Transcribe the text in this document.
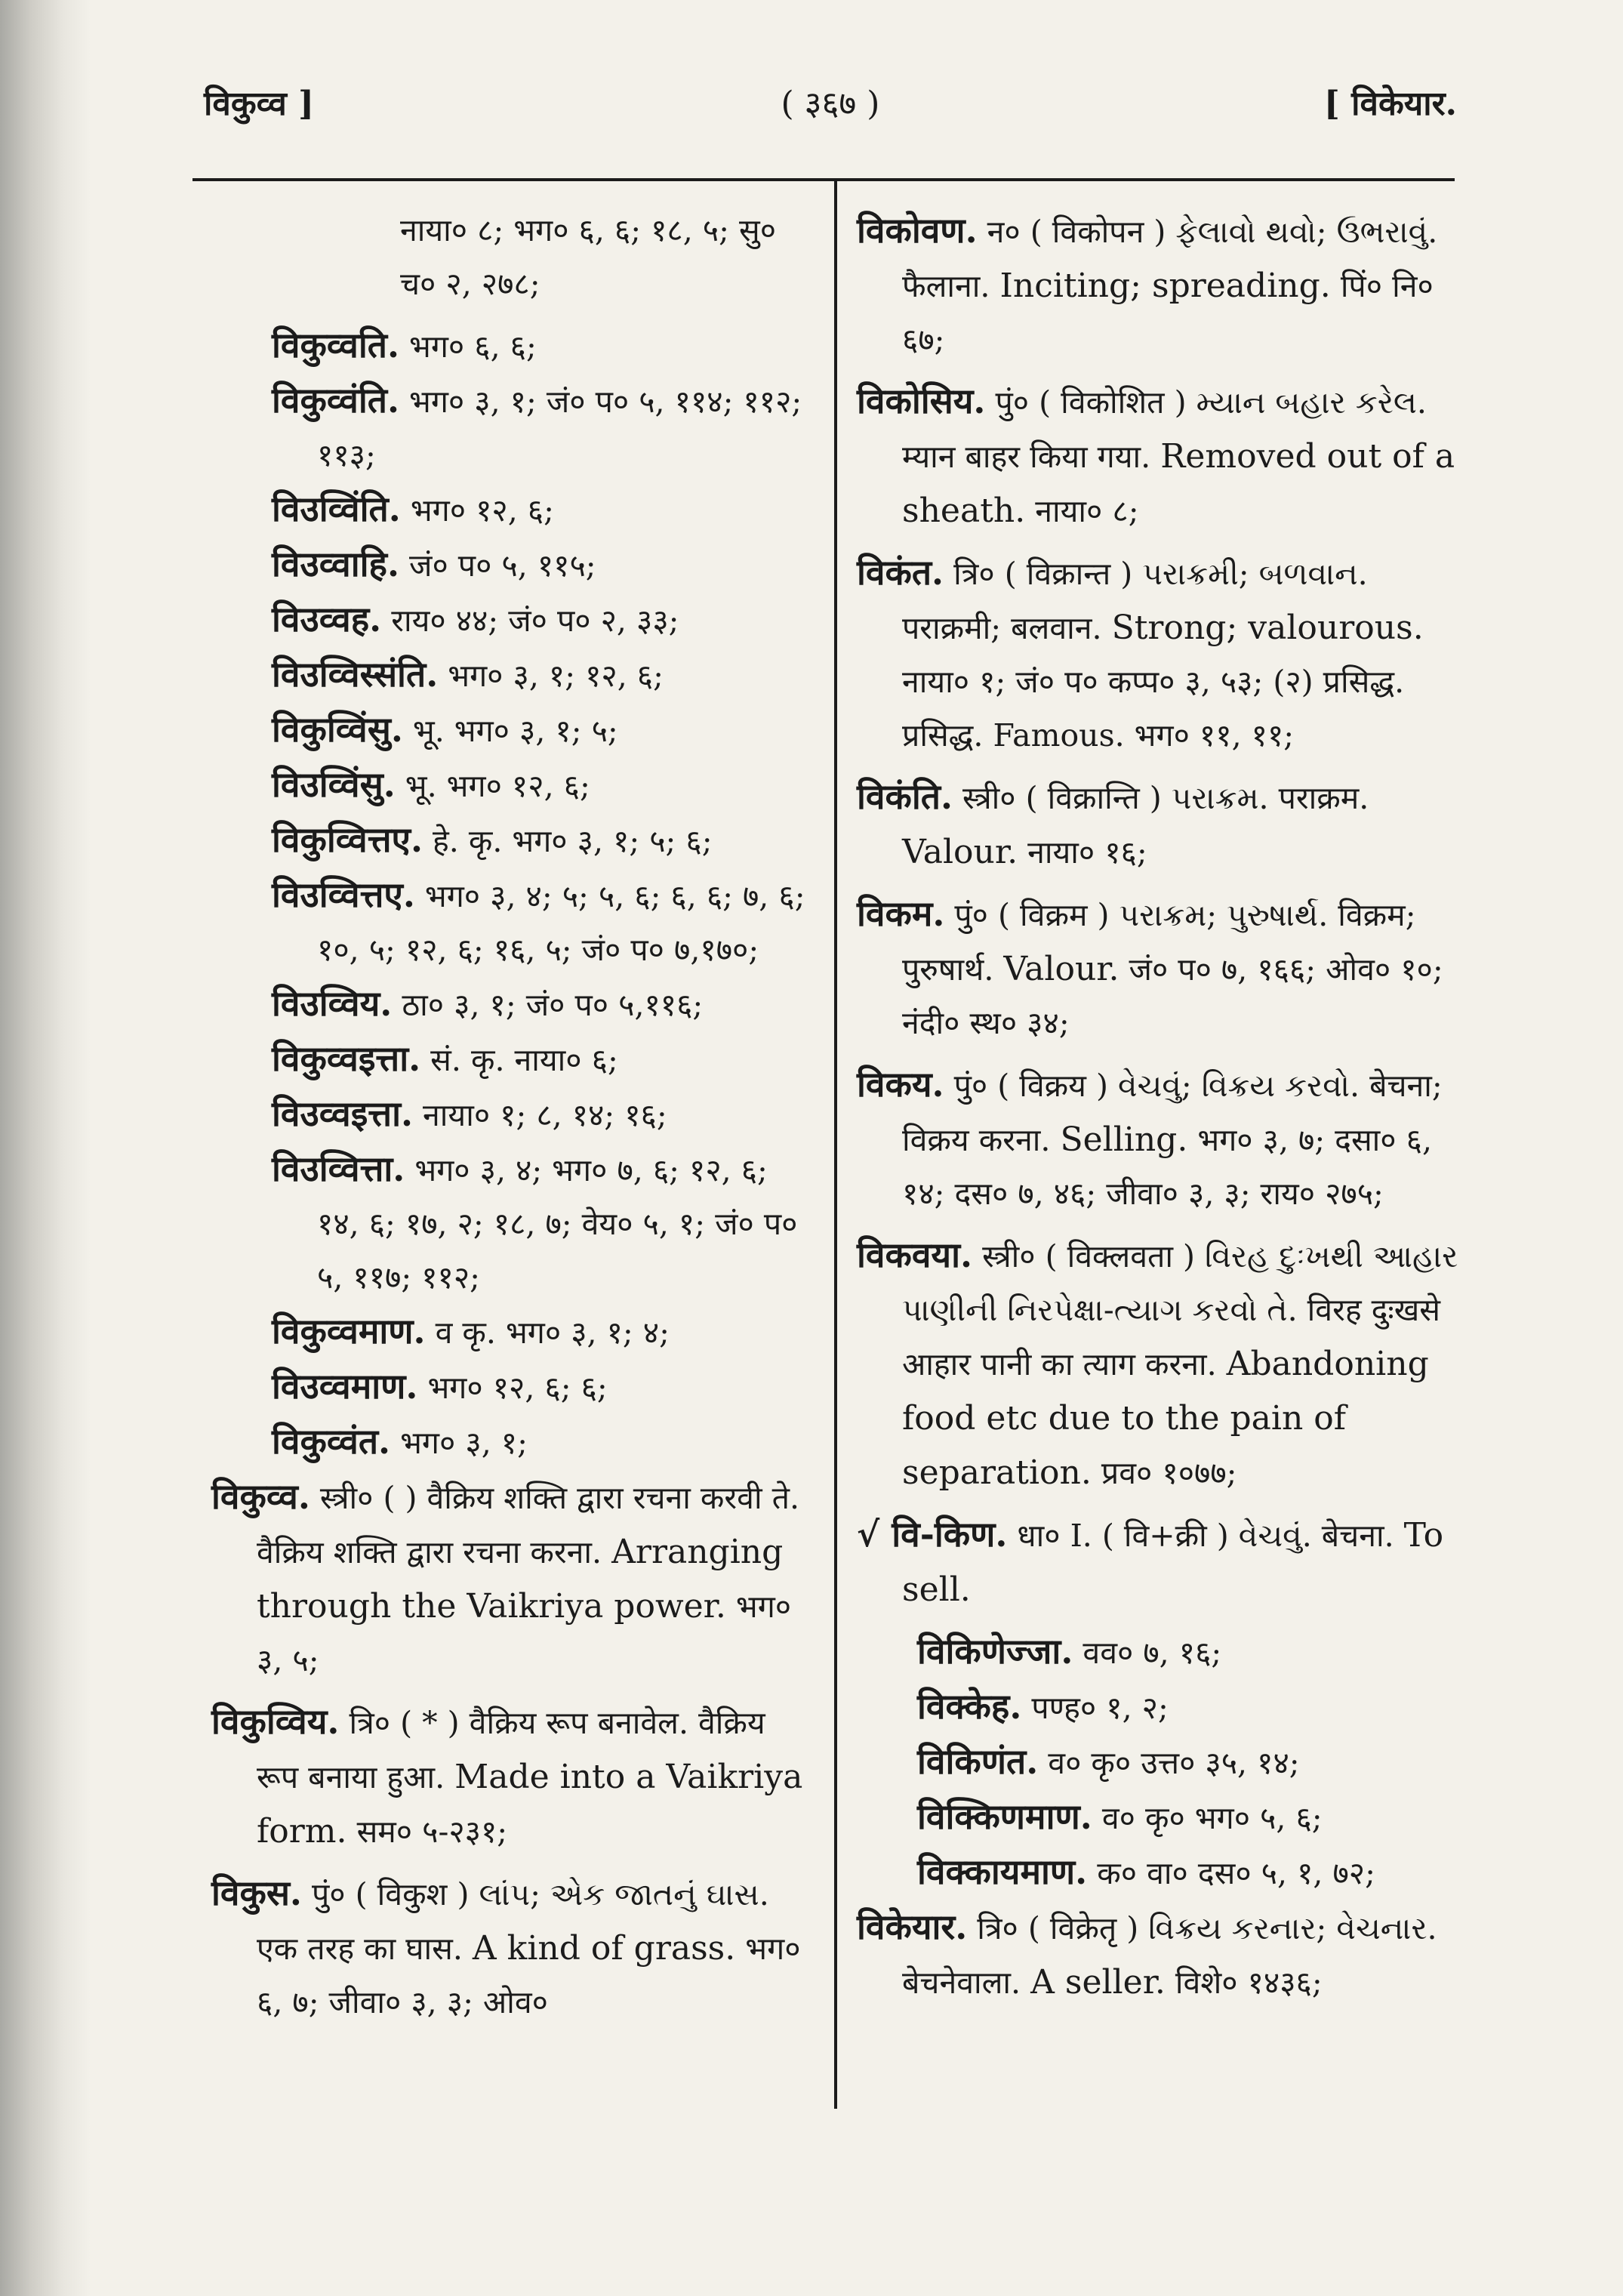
विकुव्व ]	( ३६७ )	[ विकेयार.
नाया० ८; भग० ६, ६; १८, ५; सु० च० २, २७८;
विकुव्वति. भग० ६, ६;
विकुव्वंति. भग० ३, १; जं० प० ५, ११४; ११२; ११३;
विउव्विंति. भग० १२, ६;
विउव्वाहि. जं० प० ५, ११५;
विउव्वह. राय० ४४; जं० प० २, ३३;
विउव्विस्संति. भग० ३, १; १२, ६;
विकुव्विंसु. भू. भग० ३, १; ५;
विउव्विंसु. भू. भग० १२, ६;
विकुव्वित्तए. हे. कृ. भग० ३, १; ५; ६;
विउव्वित्तए. भग० ३, ४; ५; ५, ६; ६, ६; ७, ६; १०, ५; १२, ६; १६, ५; जं० प० ७,१७०;
विउव्विय. ठा० ३, १; जं० प० ५,११६;
विकुव्वइत्ता. सं. कृ. नाया० ६;
विउव्वइत्ता. नाया० १; ८, १४; १६;
विउव्वित्ता. भग० ३, ४; भग० ७, ६; १२, ६; १४, ६; १७, २; १८, ७; वेय० ५, १; जं० प० ५, ११७; ११२;
विकुव्वमाण. व कृ. भग० ३, १; ४;
विउव्वमाण. भग० १२, ६; ६;
विकुव्वंत. भग० ३, १;
विकुव्व. स्त्री० ( ) वैक्रिय शक्ति द्वारा रचना करवी ते. वैक्रिय शक्ति द्वारा रचना करना. Arranging through the Vaikriya power. भग० ३, ५;
विकुव्विय. त्रि० ( * ) वैक्रिय रूप बनावेल. वैक्रिय रूप बनाया हुआ. Made into a Vaikriya form. सम० ५-२३१;
विकुस. पुं० ( विकुश ) લાંપ; એક જાતનું ઘાસ. एक तरह का घास. A kind of grass. भग० ६, ७; जीवा० ३, ३; ओव०
विकोवण. न० ( विकोपन ) ફેલાવો થવો; ઉભરાવું. फैलाना. Inciting; spreading. पिं० नि० ६७;
विकोसिय. पुं० ( विकोशित ) મ્યાન બહાર કરેલ. म्यान बाहर किया गया. Removed out of a sheath. नाया० ८;
विकंत. त्रि० ( विक्रान्त ) પરાક્રમી; બળવાન. पराक्रमी; बलवान. Strong; valourous. नाया० १; जं० प० कप्प० ३, ५३; (२) प्रसिद्ध. प्रसिद्ध. Famous. भग० ११, ११;
विकंति. स्त्री० ( विक्रान्ति ) પરાક્રમ. पराक्रम. Valour. नाया० १६;
विकम. पुं० ( विक्रम ) પરાક્રમ; પુરુષાર્થ. विक्रम; पुरुषार्थ. Valour. जं० प० ७, १६६; ओव० १०; नंदी० स्थ० ३४;
विकय. पुं० ( विक्रय ) વેચવું; વિક્રય કરવો. बेचना; विक्रय करना. Selling. भग० ३, ७; दसा० ६, १४; दस० ७, ४६; जीवा० ३, ३; राय० २७५;
विकवया. स्त्री० ( विक्लवता ) વિરહ દુઃખથી આહાર પાણીની નિરપેક્ષા-ત્યાગ કરવો તે. विरह दुःखसे आहार पानी का त्याग करना. Abandoning food etc due to the pain of separation. प्रव० १०७७;
√ वि-किण. धा० I. ( वि+क्री ) વેચવું. बेचना. To sell.
विकिणेज्जा. वव० ७, १६;
विक्केह. पण्ह० १, २;
विकिणंत. व० कृ० उत्त० ३५, १४;
विक्किणमाण. व० कृ० भग० ५, ६;
विक्कायमाण. क० वा० दस० ५, १, ७२;
विकेयार. त्रि० ( विक्रेतृ ) વિક્રય કરનાર; વેચનાર. बेचनेवाला. A seller. विशे० १४३६;
